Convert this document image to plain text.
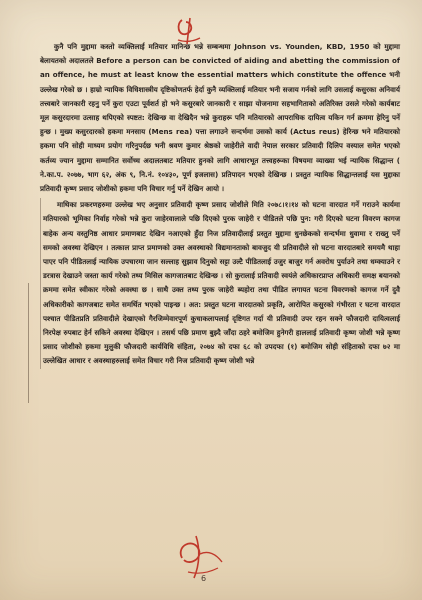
कुनै पनि मुद्दामा कस्तो व्यक्तिलाई मतियार मानिन्छ भन्ने सम्बन्धमा Johnson vs. Younden, KBD, 1950 को मुद्दामा बेलायतको अदालतले Before a person can be convicted of aiding and abetting the commission of an offence, he must at least know the essential matters which constitute the offence भनी उल्लेख गरेको छ । हाम्रो न्यायिक विधिशास्त्रीय दृष्टिकोणतर्फ हेर्दा कुनै व्यक्तिलाई मतियार भनी सजाय गर्नको लागि उसलाई कसुरका अनिवार्य तत्त्वबारे जानकारी रहनु पर्ने कुरा एउटा पूर्वशर्त हो भने कसुरबारे जानकारी र साझा योजनामा सहभागिताको अतिरिक्त उसले गरेको कार्यबाट मूल कसुरदारमा उत्साह थपिएको स्पष्टत: देखिन्छ वा देखिदैन भन्ने कुराहरू पनि मतियारको आपराधिक दायित्व यकिन गर्न क्रममा हेरिनु पर्ने हुन्छ । मुख्य कसुरदारको हकमा मनसाय (Mens rea) पत्ता लगाउने सन्दर्भमा उसको कार्य (Actus reus) हेरिन्छ भने मतियारको हकमा पनि सोही माध्यम प्रयोग गरिनुपर्दछ भनी श्रवण कुमार श्रेष्ठको जाहेरीले वादी नेपाल सरकार प्रतिवादी दिलिप वस्याल समेत भएको कर्तव्य ज्यान मुद्दामा सम्मानित सर्वोच्च अदालतबाट मतियार हुनको लागि आधारभूत तत्त्वहरूका विषयमा व्याख्या भई न्यायिक सिद्धान्त ( ने.का.प. २०७७, भाग ६२, अंक ९, नि.नं. १०४३०, पूर्ण इजलास) प्रतिपादन भएको देखिन्छ । प्रस्तुत न्यायिक सिद्धान्तलाई यस मुद्दाका प्रतिवादी कृष्ण प्रसाद जोशीको हकमा पनि विचार गर्नु पर्ने देखिन आयो ।

माथिका प्रकरणहरुमा उल्लेख भए अनुसार प्रतिवादी कृष्ण प्रसाद जोशीले मिति २०७८।१।१४ को घटना वारदात गर्ने गराउने कार्यमा मतियारको भूमिका निर्वाह गरेको भन्ने कुरा जाहेरवालाले पछि दिएको पुरक जाहेरी र पीडितले पछि पुन: गरी दिएको घटना विवरण कागज बाहेक अन्य वस्तुनिष्ठ आधार प्रमाणबाट देखिन नआएको हुँदा निज प्रतिवादीलाई प्रस्तुत मुद्दामा धुनछेकको सन्दर्भमा धुवामा र राख्नु पर्ने समको अवस्था देखिएन । तत्काल प्राप्त प्रमाणको उक्त अवस्थाको विद्यमानताको बावजुद यी प्रतिवादीले सो घटना वारदातबारे समयमै थाहा पाएर पनि पीडितलाई न्यायिक उपचारमा जान सल्लाह सुझाव दिनुको सट्टा उल्टै पीडितलाई उजुर बाजुर गर्न अवरोध पुर्याउने तथा धम्क्याउने र डरत्रास देखाउने जस्ता कार्य गरेको तथ्य मिसिल कागजातबाट देखिन्छ । सो कुरालाई प्रतिवादी स्वयंले अधिकारप्राप्त अधिकारी समक्ष बयानको क्रममा समेत स्वीकार गरेको अवस्था छ । साथै उक्त तथ्य पुरक जाहेरी ब्यहोरा तथा पीडित लगायत घटना विवरणको कागज गर्ने दुवै अधिकारीको कागजबाट समेत समर्थित भएको पाइन्छ । अत: प्रस्तुत घटना वारदातको प्रकृति, आरोपित कसुरको गंभीरता र घटना वारदात पश्चात पीडितप्रति प्रतिवादीले देखाएको गैरजिम्मेवारपूर्ण कुचाकलापलाई दृष्टिगत गर्दा यी प्रतिवादी उपर रहन सक्ने फौजदारी दायित्वलाई निरपेक्ष रुपबाट हेर्न सकिने अवस्था देखिएन । तसर्थ पछि प्रमाण बुझ्दै जाँदा ठहरे बमोजिम हुनेगरी हाललाई प्रतिवादी कृष्ण जोशी भन्ने कृष्ण प्रसाद जोशीको हकमा मुलुकी फौजदारी कार्यविधि संहिता, २०७४ को दफा ६८ को उपदफा (१) बमोजिम सोही संहिताको दफा ७२ मा उल्लेखित आधार र अवस्थाहरुलाई समेत विचार गरी निज प्रतिवादी कृष्ण जोशी भन्ने

6
